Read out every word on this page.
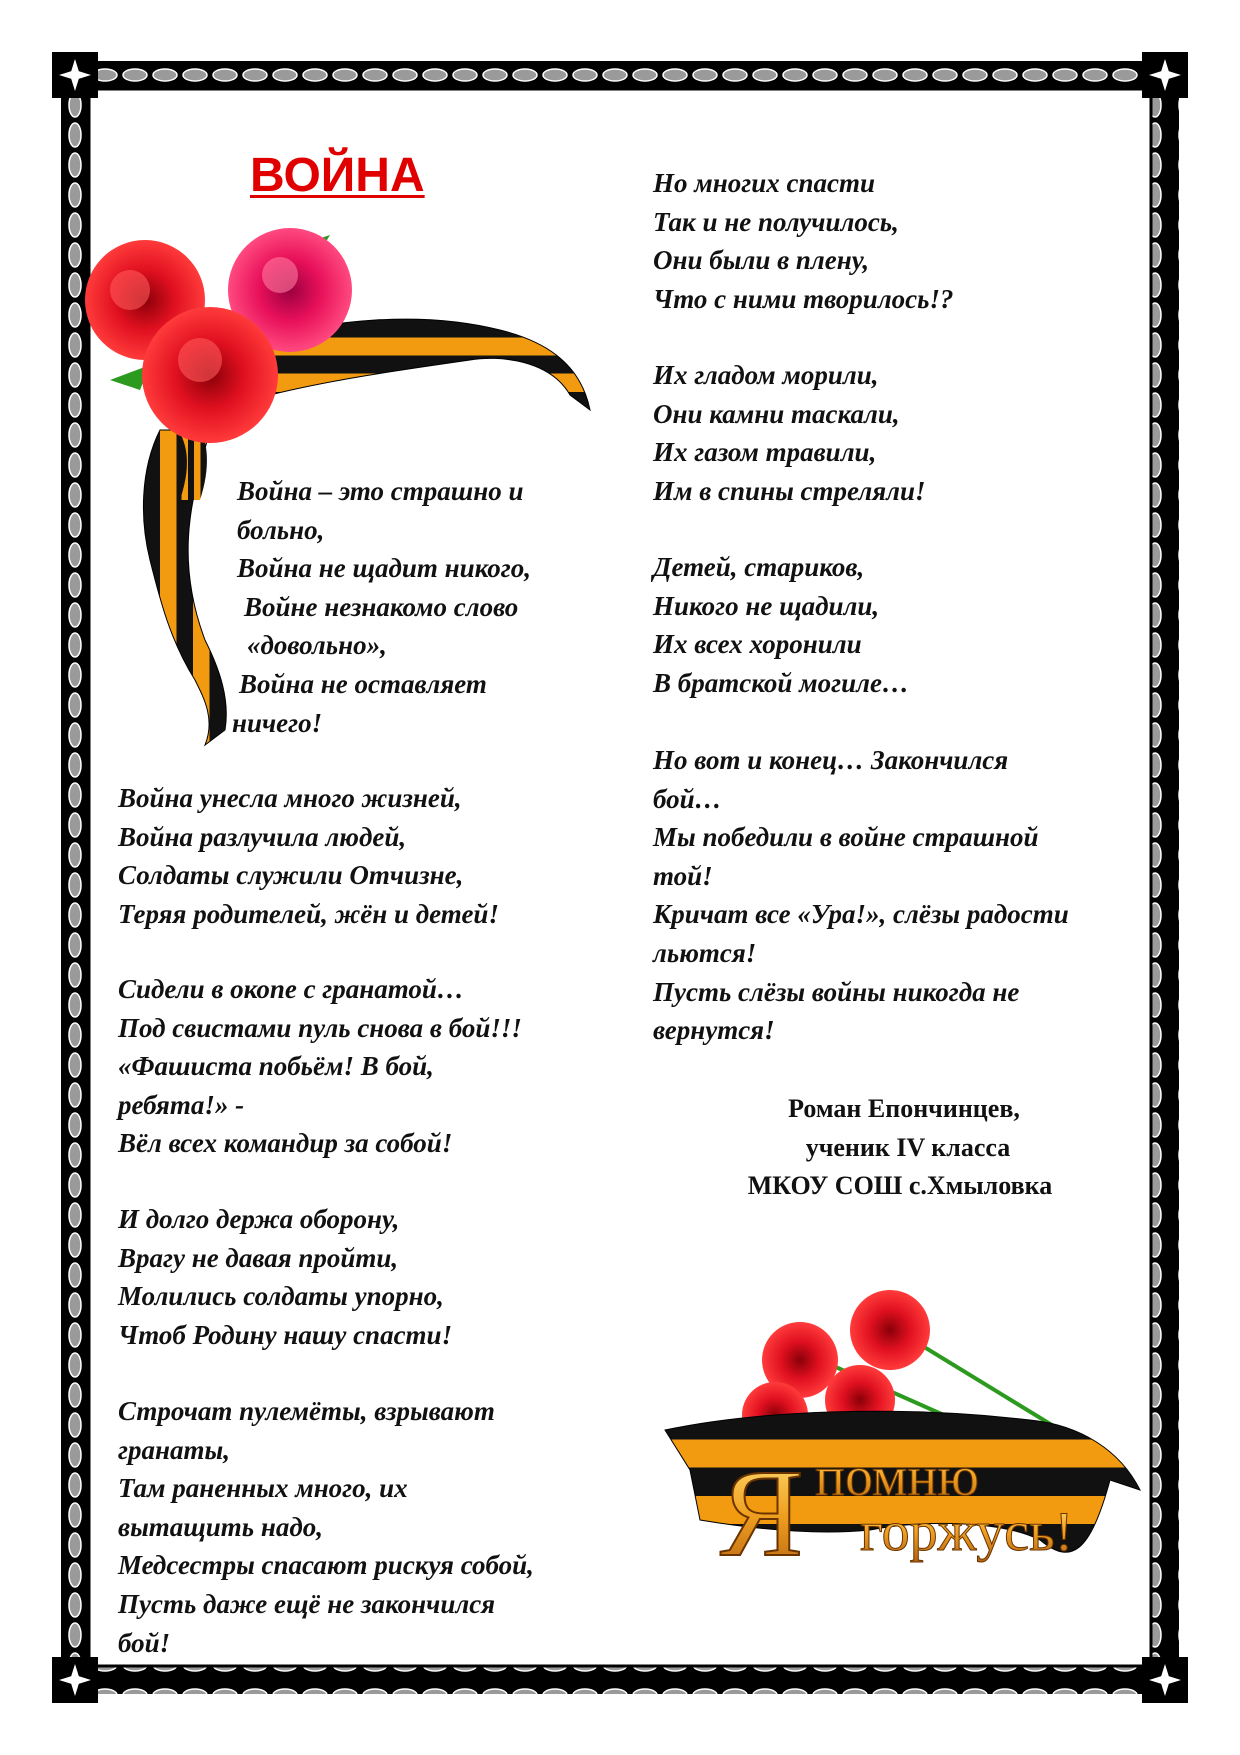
Я помню
горжусь!
ВОЙНА
Война – это страшно и
больно,
Война не щадит никого,
Войне незнакомо слово
«довольно»,
Война не оставляет
ничего!
Война унесла много жизней,
Война разлучила людей,
Солдаты служили Отчизне,
Теряя родителей, жён и детей!
Сидели в окопе с гранатой…
Под свистами пуль снова в бой!!!
«Фашиста побьём! В бой,
ребята!» -
Вёл всех командир за собой!
И долго держа оборону,
Врагу не давая пройти,
Молились солдаты упорно,
Чтоб Родину нашу спасти!
Строчат пулемёты, взрывают
гранаты,
Там раненных много, их
вытащить надо,
Медсестры спасают рискуя собой,
Пусть даже ещё не закончился
бой!
Но многих спасти
Так и не получилось,
Они были в плену,
Что с ними творилось!?
Их гладом морили,
Они камни таскали,
Их газом травили,
Им в спины стреляли!
Детей, стариков,
Никого не щадили,
Их всех хоронили
В братской могиле…
Но вот и конец… Закончился
бой…
Мы победили в войне страшной
той!
Кричат все «Ура!», слёзы радости
льются!
Пусть слёзы войны никогда не
вернутся!
Роман Епончинцев,
ученик IV класса
МКОУ СОШ с.Хмыловка
